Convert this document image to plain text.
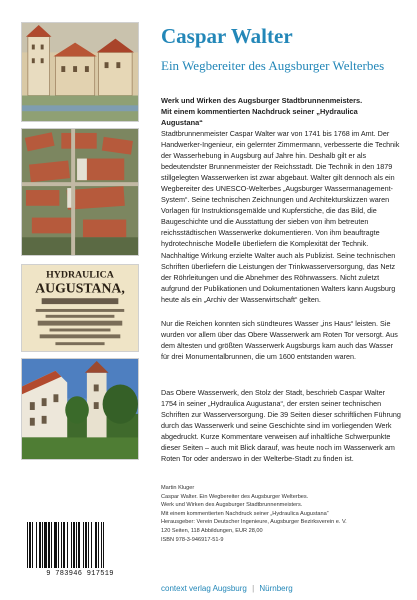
HYDRAULICA
AUGUSTANA,
Caspar Walter
Ein Wegbereiter des Augsburger Welterbes

Werk und Wirken des Augsburger Stadtbrunnenmeisters.

Mit einem kommentierten Nachdruck seiner „Hydraulica Augustana“

Stadtbrunnenmeister Caspar Walter war von 1741 bis 1768 im Amt. Der Handwerker-Ingenieur, ein gelernter Zimmermann, verbesserte die Technik der Wasserhebung in Augsburg auf Jahre hin. Deshalb gilt er als bedeutendster Brunnenmeister der Reichsstadt. Die Technik in den 1879 stillgelegten Wasserwerken ist zwar abgebaut. Walter gilt dennoch als ein Wegbereiter des UNESCO-Welterbes „Augsburger Wassermanagement-System“. Seine technischen Zeichnungen und Architekturskizzen waren Vorlagen für Instruktionsgemälde und Kupferstiche, die das Bild, die Baugeschichte und die Ausstattung der sieben von ihm betreuten reichsstädtischen Wasserwerke dokumentieren. Von ihm beauftragte hydrotechnische Modelle überliefern die Komplexität der Technik.
Nachhaltige Wirkung erzielte Walter auch als Publizist. Seine technischen Schriften überliefern die Leistungen der Trinkwasserversorgung, das Netz der Röhrleitungen und die Abnehmer des Röhrwassers. Nicht zuletzt aufgrund der Publikationen und Dokumentationen Walters kann Augsburg heute als ein „Archiv der Wasserwirtschaft“ gelten.
Nur die Reichen konnten sich sündteures Wasser „ins Haus“ leisten. Sie wurden vor allem über das Obere Wasserwerk am Roten Tor versorgt. Aus dem ältesten und größten Wasserwerk Augsburgs kam auch das Wasser für drei Monumentalbrunnen, die um 1600 entstanden waren.
Das Obere Wasserwerk, den Stolz der Stadt, beschrieb Caspar Walter 1754 in seiner „Hydraulica Augustana“, der ersten seiner technischen Schriften zur Wasserversorgung. Die 39 Seiten dieser schriftlichen Führung durch das Wasserwerk und seine Geschichte sind im vorliegenden Werk abgedruckt. Kurze Kommentare verweisen auf inhaltliche Schwerpunkte dieser Seiten – auch mit Blick darauf, was heute noch im Wasserwerk am Roten Tor oder anderswo in der Welterbe-Stadt zu finden ist.

Martin Kluger

Caspar Walter. Ein Wegbereiter des Augsburger Welterbes.

Werk und Wirken des Augsburger Stadtbrunnenmeisters.

Mit einem kommentierten Nachdruck seiner „Hydraulica Augustana“

Herausgeber: Verein Deutscher Ingenieure, Augsburger Bezirksverein e. V.

120 Seiten, 118 Abbildungen, EUR 28,00

ISBN 978-3-946917-51-9

9 783946 917519
context verlag Augsburg | Nürnberg
